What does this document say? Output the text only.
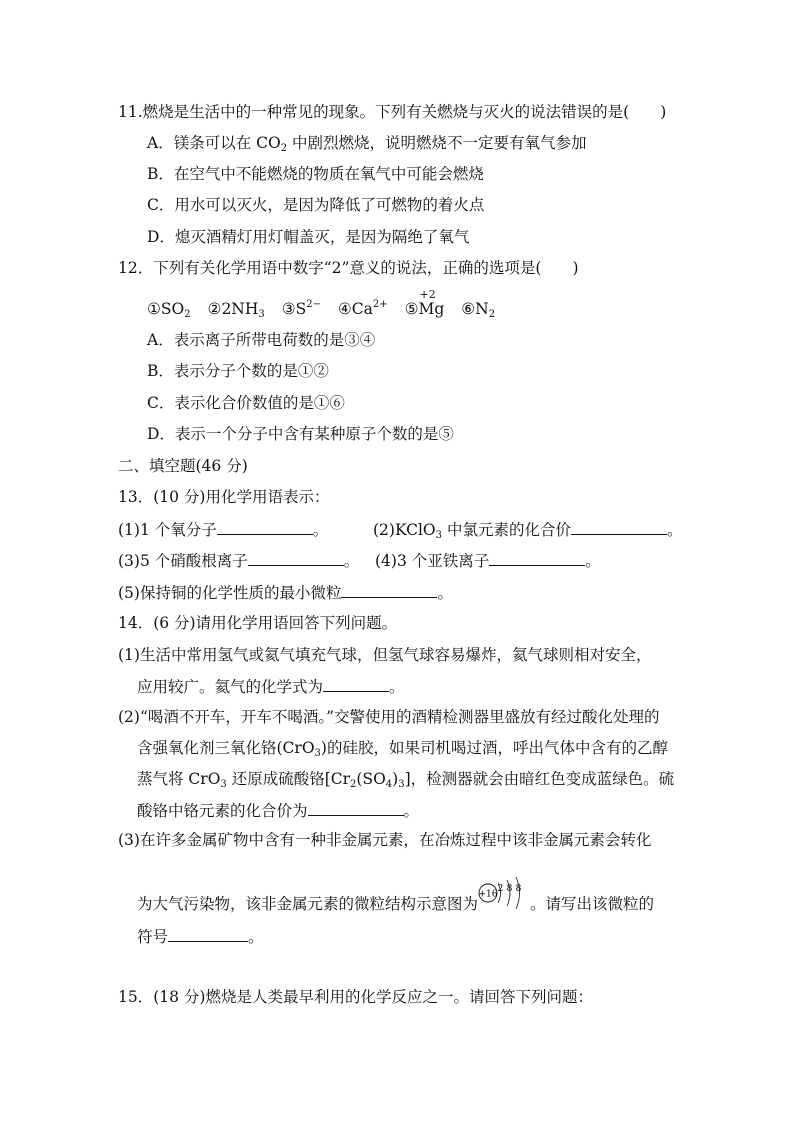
11.燃烧是生活中的一种常见的现象。下列有关燃烧与灭火的说法错误的是(　　)
A．镁条可以在 $CO_2$ 中剧烈燃烧，说明燃烧不一定要有氧气参加
B．在空气中不能燃烧的物质在氧气中可能会燃烧
C．用水可以灭火，是因为降低了可燃物的着火点
D．熄灭酒精灯用灯帽盖灭，是因为隔绝了氧气
12．下列有关化学用语中数字“2”意义的说法，正确的选项是(　　)
$①SO_2$ $②2NH_3$ $③S^{2-}$ $④Ca^{2+}$ ⑤
+2
Mg $⑥N_2$
A．表示离子所带电荷数的是③④
B．表示分子个数的是①②
C．表示化合价数值的是①⑥
D．表示一个分子中含有某种原子个数的是⑤
二、填空题(46 分)
13．(10 分)用化学用语表示：
(1)1 个氧分子	。	(2)KClO$_3$ 中氯元素的化合价	。
(3)5 个硝酸根离子	。 (4)3 个亚铁离子	。
(5)保持铜的化学性质的最小微粒	。
14．(6 分)请用化学用语回答下列问题。
(1)生活中常用氢气或氦气填充气球，但氢气球容易爆炸，氦气球则相对安全，
应用较广。氦气的化学式为	。
(2)“喝酒不开车，开车不喝酒。”交警使用的酒精检测器里盛放有经过酸化处理的
含强氧化剂三氧化铬(CrO$_3$)的硅胶，如果司机喝过酒，呼出气体中含有的乙醇
蒸气将 CrO$_3$ 还原成硫酸铬$[Cr_2(SO_4)_3]$，检测器就会由暗红色变成蓝绿色。硫
酸铬中铬元素的化合价为	。
(3)在许多金属矿物中含有一种非金属元素，在冶炼过程中该非金属元素会转化
为大气污染物，该非金属元素的微粒结构示意图为
+16
2 8 8
。请写出该微粒的
符号	。
15．(18 分)燃烧是人类最早利用的化学反应之一。请回答下列问题：
